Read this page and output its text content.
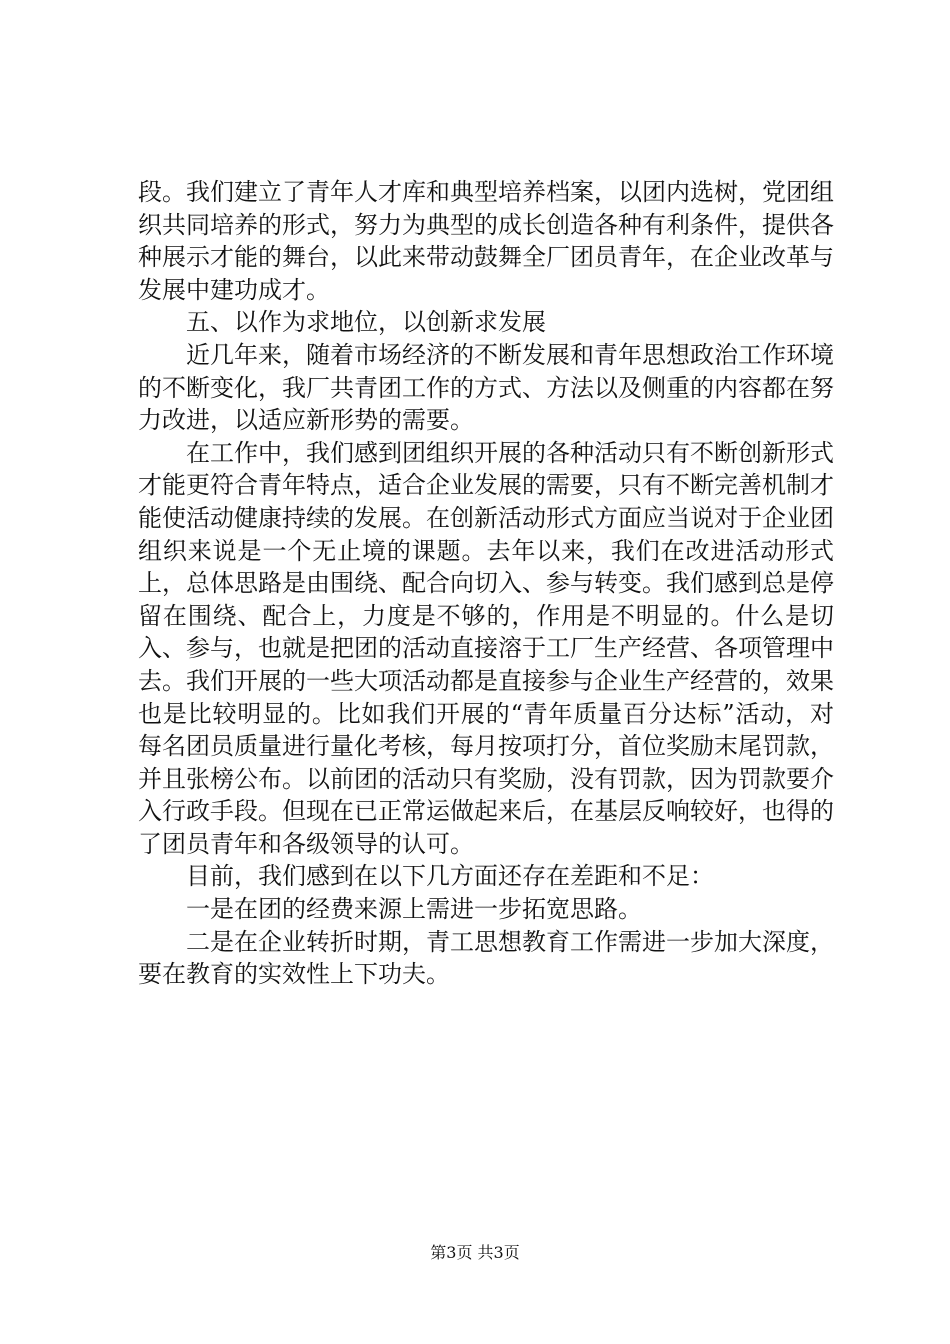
段。我们建立了青年人才库和典型培养档案，以团内选树，党团组织共同培养的形式，努力为典型的成长创造各种有利条件，提供各种展示才能的舞台，以此来带动鼓舞全厂团员青年，在企业改革与发展中建功成才。

五、以作为求地位，以创新求发展

近几年来，随着市场经济的不断发展和青年思想政治工作环境的不断变化，我厂共青团工作的方式、方法以及侧重的内容都在努力改进，以适应新形势的需要。

在工作中，我们感到团组织开展的各种活动只有不断创新形式才能更符合青年特点，适合企业发展的需要，只有不断完善机制才能使活动健康持续的发展。在创新活动形式方面应当说对于企业团组织来说是一个无止境的课题。去年以来，我们在改进活动形式上，总体思路是由围绕、配合向切入、参与转变。我们感到总是停留在围绕、配合上，力度是不够的，作用是不明显的。什么是切入、参与，也就是把团的活动直接溶于工厂生产经营、各项管理中去。我们开展的一些大项活动都是直接参与企业生产经营的，效果也是比较明显的。比如我们开展的“青年质量百分达标”活动，对每名团员质量进行量化考核，每月按项打分，首位奖励末尾罚款，并且张榜公布。以前团的活动只有奖励，没有罚款，因为罚款要介入行政手段。但现在已正常运做起来后，在基层反响较好，也得的了团员青年和各级领导的认可。

目前，我们感到在以下几方面还存在差距和不足：

一是在团的经费来源上需进一步拓宽思路。

二是在企业转折时期，青工思想教育工作需进一步加大深度，要在教育的实效性上下功夫。

第3页 共3页
